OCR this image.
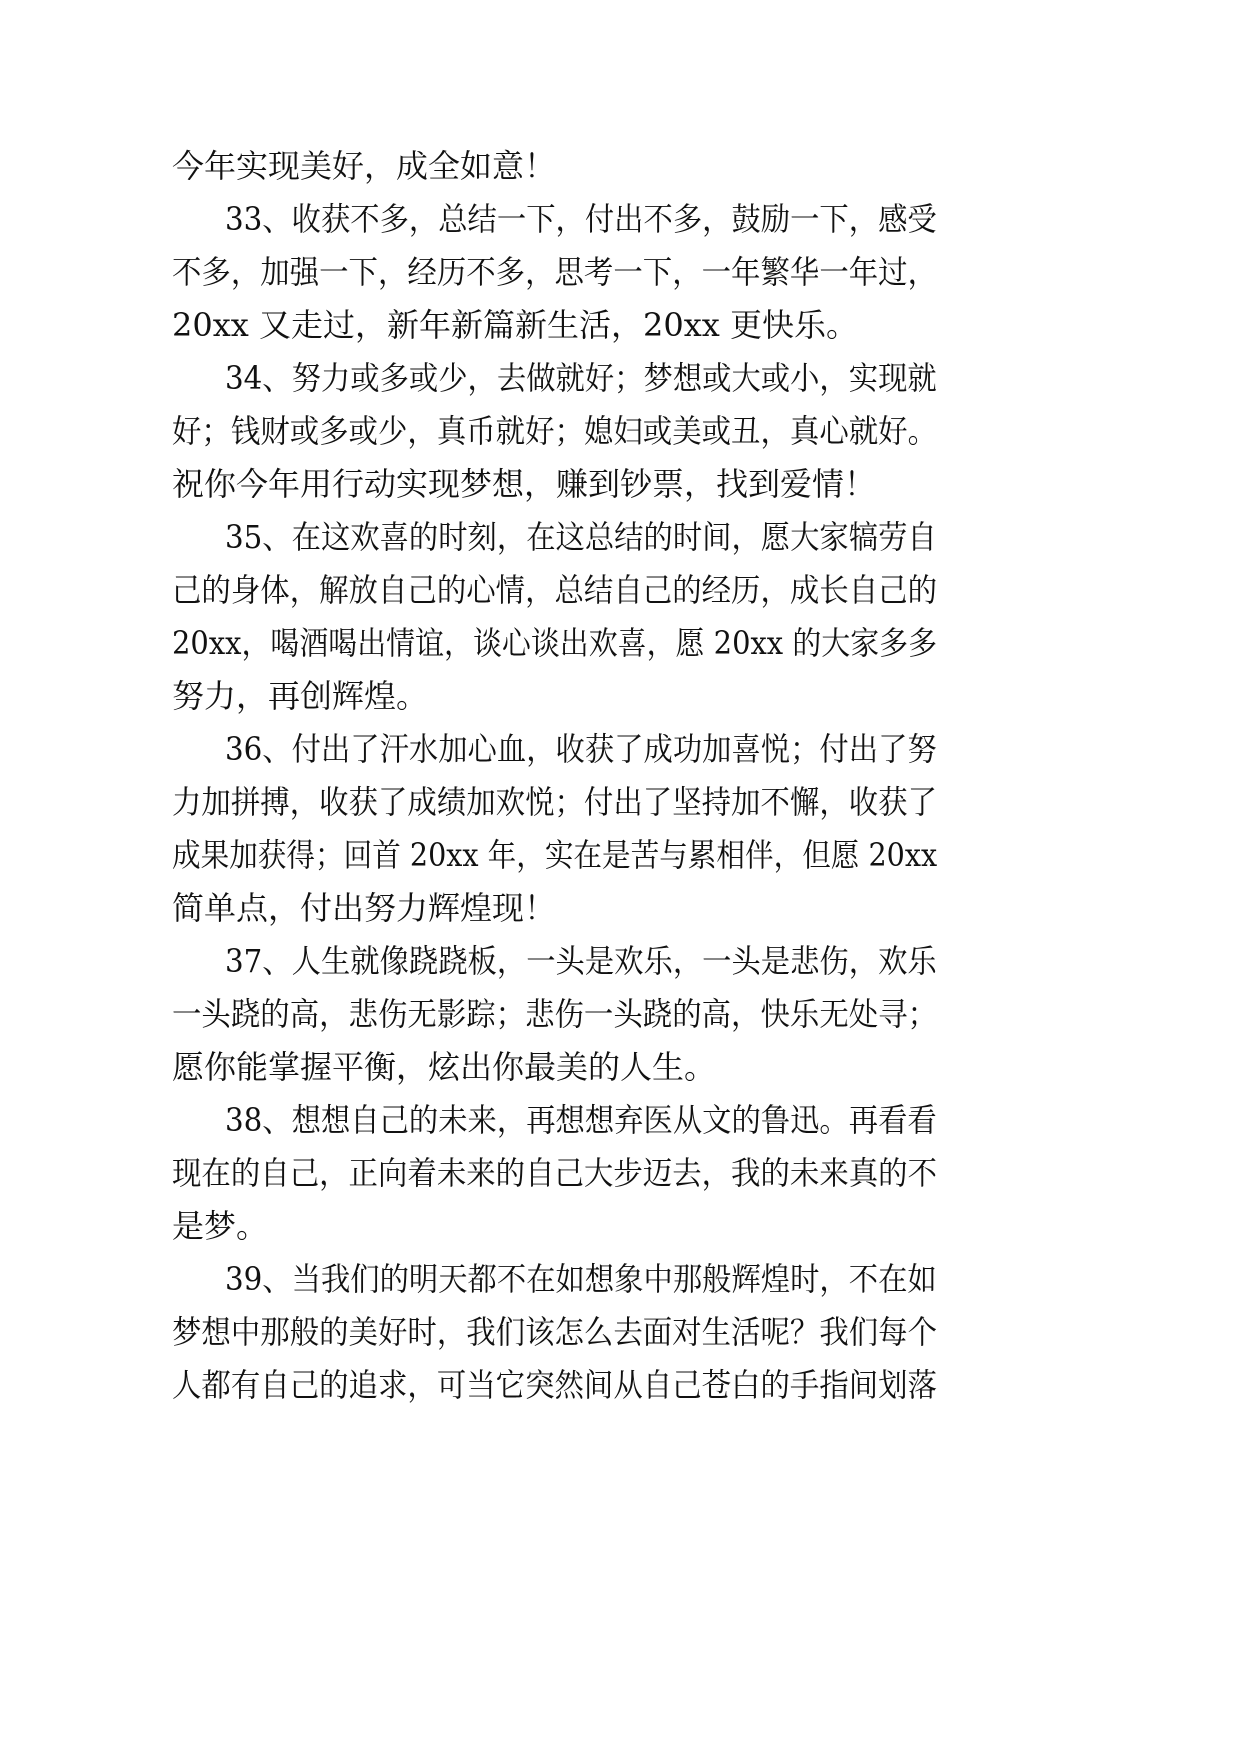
今年实现美好，成全如意！
33、收获不多，总结一下，付出不多，鼓励一下，感受
不多，加强一下，经历不多，思考一下，一年繁华一年过，
20xx 又走过，新年新篇新生活，20xx 更快乐。
34、努力或多或少，去做就好；梦想或大或小，实现就
好；钱财或多或少，真币就好；媳妇或美或丑，真心就好。
祝你今年用行动实现梦想，赚到钞票，找到爱情！
35、在这欢喜的时刻，在这总结的时间，愿大家犒劳自
己的身体，解放自己的心情，总结自己的经历，成长自己的
20xx，喝酒喝出情谊，谈心谈出欢喜，愿 20xx 的大家多多
努力，再创辉煌。
36、付出了汗水加心血，收获了成功加喜悦；付出了努
力加拼搏，收获了成绩加欢悦；付出了坚持加不懈，收获了
成果加获得；回首 20xx 年，实在是苦与累相伴，但愿 20xx
简单点，付出努力辉煌现！
37、人生就像跷跷板，一头是欢乐，一头是悲伤，欢乐
一头跷的高，悲伤无影踪；悲伤一头跷的高，快乐无处寻；
愿你能掌握平衡，炫出你最美的人生。
38、想想自己的未来，再想想弃医从文的鲁迅。再看看
现在的自己，正向着未来的自己大步迈去，我的未来真的不
是梦。
39、当我们的明天都不在如想象中那般辉煌时，不在如
梦想中那般的美好时，我们该怎么去面对生活呢？我们每个
人都有自己的追求，可当它突然间从自己苍白的手指间划落
